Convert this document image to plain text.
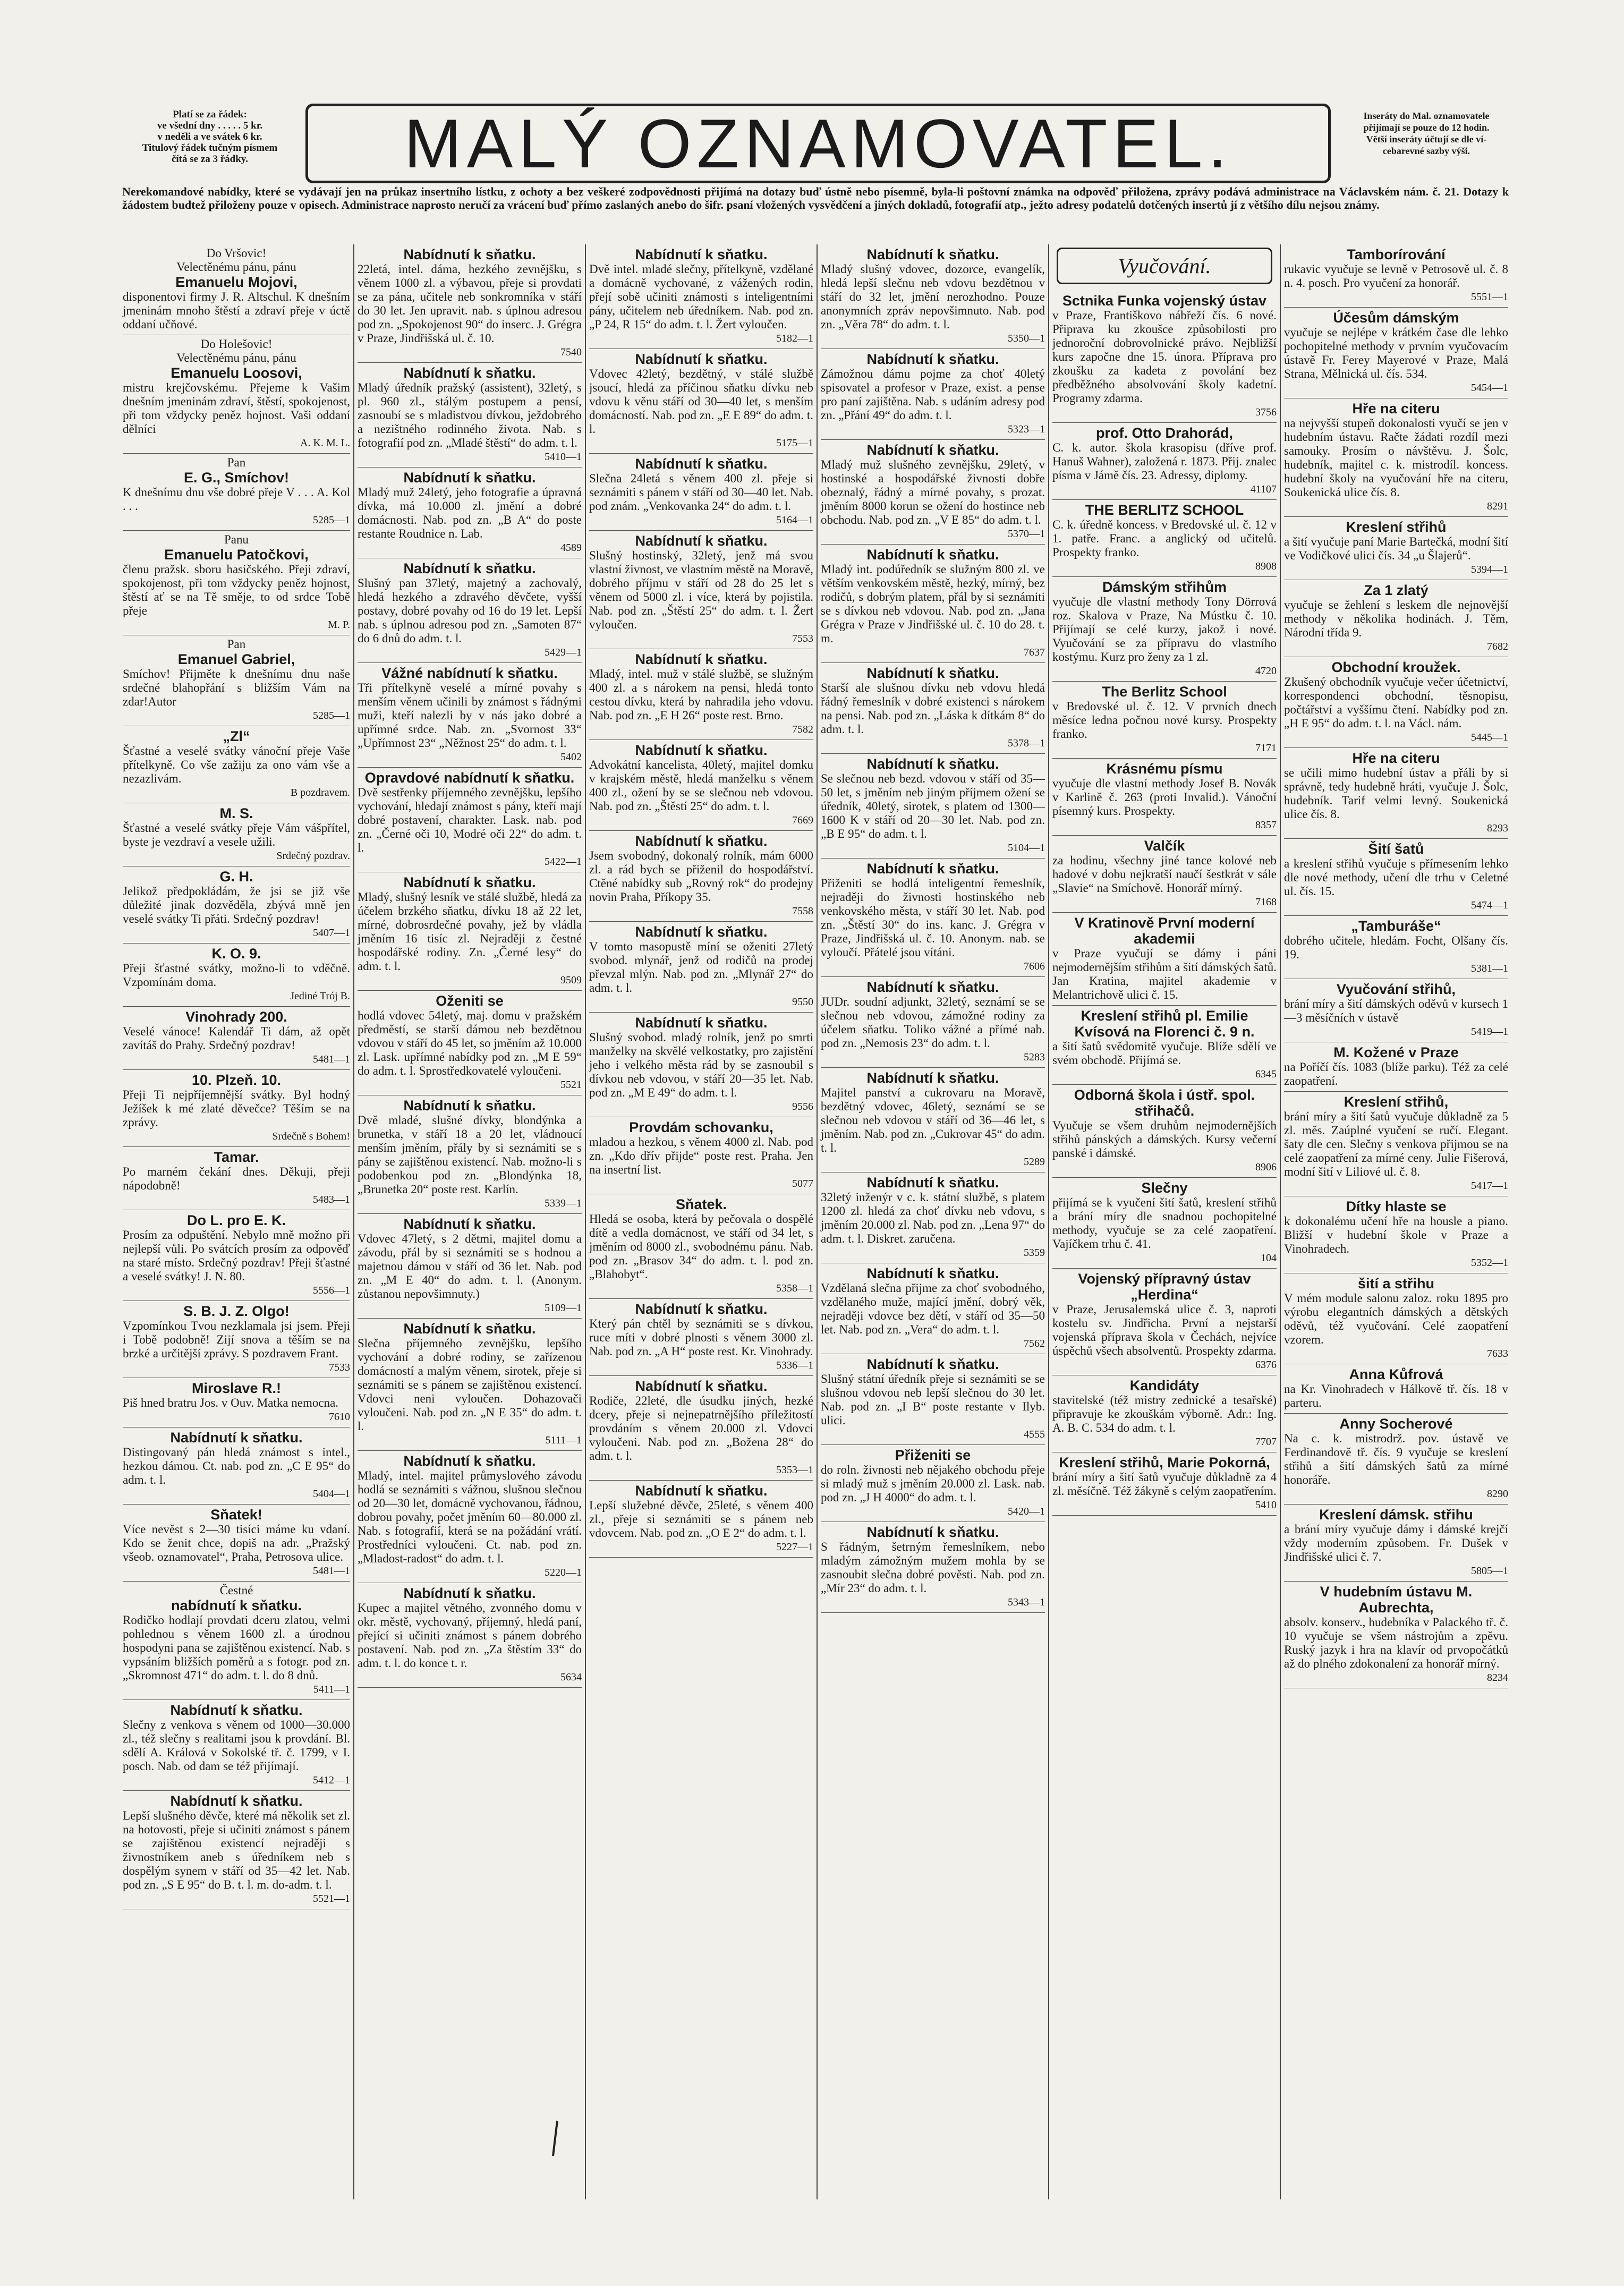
Platí se za řádek:
ve všední dny . . . . . 5 kr.
v neděli a ve svátek 6 kr.
Titulový řádek tučným písmem
čítá se za 3 řádky.	MALÝ OZNAMOVATEL.	Inseráty do Mal. oznamovatele
přijímají se pouze do 12 hodin.
Větší inseráty účtují se dle ví-
cebarevné sazby výši.
Nerekomandové nabídky, které se vydávají jen na průkaz insertního lístku, z ochoty a bez veškeré zodpovědnosti přijímá na dotazy buď ústně nebo písemně, byla-li poštovní známka na odpověď přiložena, zprávy podává administrace na Václavském nám. č. 21. Dotazy k žádostem budtež přiloženy pouze v opisech. Administrace naprosto neručí za vrácení buď přímo zaslaných anebo do šifr. psaní vložených vysvědčení a jiných dokladů, fotografií atp., ježto adresy podatelů dotčených insertů jí z většího dílu nejsou známy.
Do Vršovic!
Velectěnému pánu, pánu
Emanuelu Mojovi,
disponentovi firmy J. R. Altschul. K dnešním jmeninám mnoho štěstí a zdraví přeje v úctě oddaní učňové.
Do Holešovic!
Velectěnému pánu, pánu
Emanuelu Loosovi,
mistru krejčovskému. Přejeme k Vašim dnešním jmeninám zdraví, štěstí, spokojenost, při tom vždycky peněz hojnost. Vaši oddaní dělníci
A. K. M. L.
Pan
E. G., Smíchov!
K dnešnímu dnu vše dobré přeje V . . . A. Kol . . .
5285—1
Panu
Emanuelu Patočkovi,
členu pražsk. sboru hasičského. Přeji zdraví, spokojenost, při tom vždycky peněz hojnost, štěstí ať se na Tě směje, to od srdce Tobě přeje
M. P.
Pan
Emanuel Gabriel,
Smíchov! Přijměte k dnešnímu dnu naše srdečné blahopřání s bližším Vám na zdar!Autor
5285—1
„Zl“
Šťastné a veselé svátky vánoční přeje Vaše přítelkyně. Co vše zažiju za ono vám vše a nezazlivám.
B pozdravem.
M. S.
Šťastné a veselé svátky přeje Vám vášpřítel, byste je vezdraví a vesele užili.
Srdečný pozdrav.
G. H.
Jelikož předpokládám, že jsi se již vše důležité jinak dozvěděla, zbývá mně jen veselé svátky Ti přáti. Srdečný pozdrav!
5407—1
K. O. 9.
Přeji šťastné svátky, možno-li to vděčně. Vzpomínám doma.
Jediné Trój B.
Vinohrady 200.
Veselé vánoce! Kalendář Ti dám, až opět zavítáš do Prahy. Srdečný pozdrav!
5481—1
10. Plzeň. 10.
Přeji Ti nejpříjemnější svátky. Byl hodný Ježíšek k mé zlaté děvečce? Těším se na zprávy.
Srdečně s Bohem!
Tamar.
Po marném čekání dnes. Děkuji, přeji nápodobně!
5483—1
Do L. pro E. K.
Prosím za odpuštění. Nebylo mně možno při nejlepší vůli. Po svátcích prosím za odpověď na staré místo. Srdečný pozdrav! Přeji šťastné a veselé svátky! J. N. 80.
5556—1
S. B. J. Z. Olgo!
Vzpomínkou Tvou nezklamala jsi jsem. Přeji i Tobě podobně! Zijí snova a těším se na brzké a určitější zprávy. S pozdravem Frant.
7533
Miroslave R.!
Piš hned bratru Jos. v Ouv. Matka nemocna.
7610
Nabídnutí k sňatku.
Distingovaný pán hledá známost s intel., hezkou dámou. Ct. nab. pod zn. „C E 95“ do adm. t. l.
5404—1
Sňatek!
Více nevěst s 2—30 tisíci máme ku vdaní. Kdo se ženit chce, dopiš na adr. „Pražský všeob. oznamovatel“, Praha, Petrosova ulice.
5481—1
Čestné
nabídnutí k sňatku.
Rodičko hodlají provdati dceru zlatou, velmi pohlednou s věnem 1600 zl. a úrodnou hospodyni pana se zajištěnou existencí. Nab. s vypsáním bližších poměrů a s fotogr. pod zn. „Skromnost 471“ do adm. t. l. do 8 dnů.
5411—1
Nabídnutí k sňatku.
Slečny z venkova s věnem od 1000—30.000 zl., též slečny s realitami jsou k provdání. Bl. sdělí A. Králová v Sokolské tř. č. 1799, v I. posch. Nab. od dam se též přijímají.
5412—1
Nabídnutí k sňatku.
Lepší slušného děvče, které má několik set zl. na hotovosti, přeje si učiniti známost s pánem se zajištěnou existencí nejraději s živnostníkem aneb s úředníkem neb s dospělým synem v stáří od 35—42 let. Nab. pod zn. „S E 95“ do B. t. l. m. do-adm. t. l.
5521—1
Nabídnutí k sňatku.
22letá, intel. dáma, hezkého zevnějšku, s věnem 1000 zl. a výbavou, přeje si provdati se za pána, učitele neb sonkromníka v stáří do 30 let. Jen upravit. nab. s úplnou adresou pod zn. „Spokojenost 90“ do inserc. J. Grégra v Praze, Jindřišská ul. č. 10.
7540
Nabídnutí k sňatku.
Mladý úředník pražský (assistent), 32letý, s pl. 960 zl., stálým postupem a pensí, zasnoubí se s mladistvou dívkou, ježdobrého a nezištného rodinného života. Nab. s fotografií pod zn. „Mladé štěstí“ do adm. t. l.
5410—1
Nabídnutí k sňatku.
Mladý muž 24letý, jeho fotografie a úpravná dívka, má 10.000 zl. jmění a dobré domácnosti. Nab. pod zn. „B A“ do poste restante Roudnice n. Lab.
4589
Nabídnutí k sňatku.
Slušný pan 37letý, majetný a zachovalý, hledá hezkého a zdravého děvčete, vyšší postavy, dobré povahy od 16 do 19 let. Lepší nab. s úplnou adresou pod zn. „Samoten 87“ do 6 dnů do adm. t. l.
5429—1
Vážné nabídnutí k sňatku.
Tři přítelkyně veselé a mírné povahy s menším věnem učinili by známost s řádnými muži, kteří nalezli by v nás jako dobré a upřímné srdce. Nab. zn. „Svornost 33“ „Upřímnost 23“ „Něžnost 25“ do adm. t. l.
5402
Opravdové nabídnutí k sňatku.
Dvě sestřenky příjemného zevnějšku, lepšího vychování, hledají známost s pány, kteří mají dobré postavení, charakter. Lask. nab. pod zn. „Černé oči 10, Modré oči 22“ do adm. t. l.
5422—1
Nabídnutí k sňatku.
Mladý, slušný lesník ve stálé službě, hledá za účelem brzkého sňatku, dívku 18 až 22 let, mírné, dobrosrdečné povahy, jež by vládla jměním 16 tisíc zl. Nejraději z čestné hospodářské rodiny. Zn. „Černé lesy“ do adm. t. l.
9509
Oženiti se
hodlá vdovec 54letý, maj. domu v pražském předměstí, se starší dámou neb bezdětnou vdovou v stáří do 45 let, so jměním až 10.000 zl. Lask. upřímné nabídky pod zn. „M E 59“ do adm. t. l. Sprostředkovatelé vyloučeni.
5521
Nabídnutí k sňatku.
Dvě mladé, slušné dívky, blondýnka a brunetka, v stáří 18 a 20 let, vládnoucí menším jměním, přály by si seznámiti se s pány se zajištěnou existencí. Nab. možno-li s podobenkou pod zn. „Blondýnka 18, „Brunetka 20“ poste rest. Karlín.
5339—1
Nabídnutí k sňatku.
Vdovec 47letý, s 2 dětmi, majitel domu a závodu, přál by si seznámiti se s hodnou a majetnou dámou v stáří od 36 let. Nab. pod zn. „M E 40“ do adm. t. l. (Anonym. zůstanou nepovšimnuty.)
5109—1
Nabídnutí k sňatku.
Slečna příjemného zevnějšku, lepšího vychování a dobré rodiny, se zařízenou domácností a malým věnem, sirotek, přeje si seznámiti se s pánem se zajištěnou existencí. Vdovci neni vyloučen. Dohazovači vyloučeni. Nab. pod zn. „N E 35“ do adm. t. l.
5111—1
Nabídnutí k sňatku.
Mladý, intel. majitel průmyslového závodu hodlá se seznámiti s vážnou, slušnou slečnou od 20—30 let, domácně vychovanou, řádnou, dobrou povahy, počet jměním 60—80.000 zl. Nab. s fotografií, která se na požádání vrátí. Prostředníci vyloučeni. Ct. nab. pod zn. „Mladost-radost“ do adm. t. l.
5220—1
Nabídnutí k sňatku.
Kupec a majitel větného, zvonného domu v okr. městě, vychovaný, příjemný, hledá paní, přející si učiniti známost s pánem dobrého postavení. Nab. pod zn. „Za štěstím 33“ do adm. t. l. do konce t. r.
5634
Nabídnutí k sňatku.
Dvě intel. mladé slečny, přítelkyně, vzdělané a domácně vychované, z vážených rodin, přejí sobě učiniti známosti s inteligentními pány, učitelem neb úředníkem. Nab. pod zn. „P 24, R 15“ do adm. t. l. Žert vyloučen.
5182—1
Nabídnutí k sňatku.
Vdovec 42letý, bezdětný, v stálé službě jsoucí, hledá za příčinou sňatku dívku neb vdovu k věnu stáří od 30—40 let, s menším domácností. Nab. pod zn. „E E 89“ do adm. t. l.
5175—1
Nabídnutí k sňatku.
Slečna 24letá s věnem 400 zl. přeje si seznámiti s pánem v stáří od 30—40 let. Nab. pod znám. „Venkovanka 24“ do adm. t. l.
5164—1
Nabídnutí k sňatku.
Slušný hostinský, 32letý, jenž má svou vlastní živnost, ve vlastním městě na Moravě, dobrého příjmu v stáří od 28 do 25 let s věnem od 5000 zl. i více, která by pojistila. Nab. pod zn. „Štěstí 25“ do adm. t. l. Žert vyloučen.
7553
Nabídnutí k sňatku.
Mladý, intel. muž v stálé službě, se služným 400 zl. a s nárokem na pensi, hledá tonto cestou dívku, která by nahradila jeho vdovu. Nab. pod zn. „E H 26“ poste rest. Brno.
7582
Nabídnutí k sňatku.
Advokátní kancelista, 40letý, majitel domku v krajském městě, hledá manželku s věnem 400 zl., ožení by se se slečnou neb vdovou. Nab. pod zn. „Štěstí 25“ do adm. t. l.
7669
Nabídnutí k sňatku.
Jsem svobodný, dokonalý rolník, mám 6000 zl. a rád bych se přiženil do hospodářství. Ctěné nabídky sub „Rovný rok“ do prodejny novin Praha, Příkopy 35.
7558
Nabídnutí k sňatku.
V tomto masopustě míní se oženiti 27letý svobod. mlynář, jenž od rodičů na prodej převzal mlýn. Nab. pod zn. „Mlynář 27“ do adm. t. l.
9550
Nabídnutí k sňatku.
Slušný svobod. mladý rolník, jenž po smrti manželky na skvělé velkostatky, pro zajistění jeho i velkého města rád by se zasnoubil s dívkou neb vdovou, v stáří 20—35 let. Nab. pod zn. „M E 49“ do adm. t. l.
9556
Provdám schovanku,
mladou a hezkou, s věnem 4000 zl. Nab. pod zn. „Kdo dřív přijde“ poste rest. Praha. Jen na insertní list.
5077
Sňatek.
Hledá se osoba, která by pečovala o dospělé dítě a vedla domácnost, ve stáří od 34 let, s jměním od 8000 zl., svobodnému pánu. Nab. pod zn. „Brasov 34“ do adm. t. l. pod zn. „Blahobyt“.
5358—1
Nabídnutí k sňatku.
Který pán chtěl by seznámiti se s dívkou, ruce míti v dobré plnosti s věnem 3000 zl. Nab. pod zn. „A H“ poste rest. Kr. Vinohrady.
5336—1
Nabídnutí k sňatku.
Rodiče, 22leté, dle úsudku jiných, hezké dcery, přeje si nejnepatrnějšího příležitostí provdáním s věnem 20.000 zl. Vdovci vyloučeni. Nab. pod zn. „Božena 28“ do adm. t. l.
5353—1
Nabídnutí k sňatku.
Lepší služebné děvče, 25leté, s věnem 400 zl., přeje si seznámiti se s pánem neb vdovcem. Nab. pod zn. „O E 2“ do adm. t. l.
5227—1
Nabídnutí k sňatku.
Mladý slušný vdovec, dozorce, evangelík, hledá lepší slečnu neb vdovu bezdětnou v stáří do 32 let, jmění nerozhodno. Pouze anonymních zpráv nepovšimnuto. Nab. pod zn. „Věra 78“ do adm. t. l.
5350—1
Nabídnutí k sňatku.
Zámožnou dámu pojme za choť 40letý spisovatel a profesor v Praze, exist. a pense pro paní zajištěna. Nab. s udáním adresy pod zn. „Přání 49“ do adm. t. l.
5323—1
Nabídnutí k sňatku.
Mladý muž slušného zevnějšku, 29letý, v hostinské a hospodářské živnosti dobře obeznalý, řádný a mírné povahy, s prozat. jměním 8000 korun se ožení do hostince neb obchodu. Nab. pod zn. „V E 85“ do adm. t. l.
5370—1
Nabídnutí k sňatku.
Mladý int. podúředník se služným 800 zl. ve větším venkovském městě, hezký, mírný, bez rodičů, s dobrým platem, přál by si seznámiti se s dívkou neb vdovou. Nab. pod zn. „Jana Grégra v Praze v Jindřišské ul. č. 10 do 28. t. m.
7637
Nabídnutí k sňatku.
Starší ale slušnou dívku neb vdovu hledá řádný řemeslník v dobré existenci s nárokem na pensi. Nab. pod zn. „Láska k dítkám 8“ do adm. t. l.
5378—1
Nabídnutí k sňatku.
Se slečnou neb bezd. vdovou v stáří od 35—50 let, s jměním neb jiným příjmem ožení se úředník, 40letý, sirotek, s platem od 1300—1600 K v stáří od 20—30 let. Nab. pod zn. „B E 95“ do adm. t. l.
5104—1
Nabídnutí k sňatku.
Přiženiti se hodlá inteligentní řemeslník, nejraději do živnosti hostinského neb venkovského města, v stáří 30 let. Nab. pod zn. „Štěstí 30“ do ins. kanc. J. Grégra v Praze, Jindřišská ul. č. 10. Anonym. nab. se vyloučí. Přátelé jsou vítáni.
7606
Nabídnutí k sňatku.
JUDr. soudní adjunkt, 32letý, seznámí se se slečnou neb vdovou, zámožné rodiny za účelem sňatku. Toliko vážné a přímé nab. pod zn. „Nemosis 23“ do adm. t. l.
5283
Nabídnutí k sňatku.
Majitel panství a cukrovaru na Moravě, bezdětný vdovec, 46letý, seznámí se se slečnou neb vdovou v stáří od 36—46 let, s jměním. Nab. pod zn. „Cukrovar 45“ do adm. t. l.
5289
Nabídnutí k sňatku.
32letý inženýr v c. k. státní službě, s platem 1200 zl. hledá za choť dívku neb vdovu, s jměním 20.000 zl. Nab. pod zn. „Lena 97“ do adm. t. l. Diskret. zaručena.
5359
Nabídnutí k sňatku.
Vzdělaná slečna přijme za choť svobodného, vzdělaného muže, mající jmění, dobrý věk, nejraději vdovce bez dětí, v stáří od 35—50 let. Nab. pod zn. „Vera“ do adm. t. l.
7562
Nabídnutí k sňatku.
Slušný státní úředník přeje si seznámiti se se slušnou vdovou neb lepší slečnou do 30 let. Nab. pod zn. „I B“ poste restante v Ilyb. ulici.
4555
Přiženiti se
do roln. živnosti neb nějakého obchodu přeje si mladý muž s jměním 20.000 zl. Lask. nab. pod zn. „J H 4000“ do adm. t. l.
5420—1
Nabídnutí k sňatku.
S řádným, šetrným řemeslníkem, nebo mladým zámožným mužem mohla by se zasnoubit slečna dobré pověsti. Nab. pod zn. „Mír 23“ do adm. t. l.
5343—1
Vyučování.
Sctnika Funka vojenský ústav
v Praze, Františkovo nábřeží čís. 6 nové. Připrava ku zkoušce způsobilosti pro jednoroční dobrovolnické právo. Nejbližší kurs započne dne 15. února. Příprava pro zkoušku za kadeta z povolání bez předběžného absolvování školy kadetní. Programy zdarma.
3756
prof. Otto Drahorád,
C. k. autor. škola krasopisu (dříve prof. Hanuš Wahner), založená r. 1873. Přij. znalec písma v Jámě čís. 23. Adressy, diplomy.
41107
THE BERLITZ SCHOOL
C. k. úředně koncess. v Bredovské ul. č. 12 v 1. patře. Franc. a anglický od učitelů. Prospekty franko.
8908
Dámským střihům
vyučuje dle vlastní methody Tony Dörrová roz. Skalova v Praze, Na Mústku č. 10. Přijímají se celé kurzy, jakož i nové. Vyučování se za přípravu do vlastního kostýmu. Kurz pro ženy za 1 zl.
4720
The Berlitz School
v Bredovské ul. č. 12. V prvních dnech měsíce ledna počnou nové kursy. Prospekty franko.
7171
Krásnému písmu
vyučuje dle vlastní methody Josef B. Novák v Karlině č. 263 (proti Invalid.). Vánoční písemný kurs. Prospekty.
8357
Valčík
za hodinu, všechny jiné tance kolové neb hadové v dobu nejkratší naučí šestkrát v sále „Slavie“ na Smíchově. Honorář mírný.
7168
V Kratinově První moderní akademii
v Praze vyučují se dámy i páni nejmodernějším střihům a šití dámských šatů. Jan Kratina, majitel akademie v Melantrichově ulici č. 15.
Kreslení střihů pl. Emilie Kvísová na Florenci č. 9 n.
a šití šatů svědomitě vyučuje. Blíže sdělí ve svém obchodě. Přijímá se.
6345
Odborná škola i ústř. spol. střihačů.
Vyučuje se všem druhům nejmodernějších střihů pánských a dámských. Kursy večerní panské i dámské.
8906
Slečny
přijímá se k vyučení šití šatů, kreslení střihů a brání míry dle snadnou pochopitelné methody, vyučuje se za celé zaopatření. Vajíčkem trhu č. 41.
104
Vojenský přípravný ústav „Herdina“
v Praze, Jerusalemská ulice č. 3, naproti kostelu sv. Jindřicha. První a nejstarší vojenská příprava škola v Čechách, nejvíce úspěchů všech absolventů. Prospekty zdarma.
6376
Kandidáty
stavitelské (též mistry zednické a tesařské) připravuje ke zkouškám výborně. Adr.: Ing. A. B. C. 534 do adm. t. l.
7707
Kreslení střihů, Marie Pokorná,
brání míry a šití šatů vyučuje důkladně za 4 zl. měsíčně. Též žákyně s celým zaopatřením.
5410
Tamborírování
rukavic vyučuje se levně v Petrosově ul. č. 8 n. 4. posch. Pro vyučení za honorář.
5551—1
Účesům dámským
vyučuje se nejlépe v krátkém čase dle lehko pochopitelné methody v prvním vyučovacím ústavě Fr. Ferey Mayerové v Praze, Malá Strana, Mělnická ul. čís. 534.
5454—1
Hře na citeru
na nejvyšší stupeň dokonalosti vyučí se jen v hudebním ústavu. Račte žádati rozdíl mezi samouky. Prosím o návštěvu. J. Šolc, hudebník, majitel c. k. mistrodíl. koncess. hudební školy na vyučování hře na citeru, Soukenická ulice čís. 8.
8291
Kreslení střihů
a šití vyučuje paní Marie Bartečká, modní šití ve Vodičkové ulici čís. 34 „u Šlajerů“.
5394—1
Za 1 zlatý
vyučuje se žehlení s leskem dle nejnovější methody v několika hodinách. J. Těm, Národní třída 9.
7682
Obchodní kroužek.
Zkušený obchodník vyučuje večer účetnictví, korrespondenci obchodní, těsnopisu, počtářství a vyššímu čtení. Nabídky pod zn. „H E 95“ do adm. t. l. na Václ. nám.
5445—1
Hře na citeru
se učili mimo hudební ústav a přáli by si správně, tedy hudebně hráti, vyučuje J. Šolc, hudebník. Tarif velmi levný. Soukenická ulice čís. 8.
8293
Šití šatů
a kreslení střihů vyučuje s přímesením lehko dle nové methody, učení dle trhu v Celetné ul. čís. 15.
5474—1
„Tamburáše“
dobrého učitele, hledám. Focht, Olšany čís. 19.
5381—1
Vyučování střihů,
brání míry a šití dámských oděvů v kursech 1—3 měsíčních v ústavě
5419—1
M. Kožené v Praze
na Poříčí čís. 1083 (blíže parku). Též za celé zaopatření.
Kreslení střihů,
brání míry a šití šatů vyučuje důkladně za 5 zl. měs. Zaúplné vyučení se ručí. Elegant. šaty dle cen. Slečny s venkova přijmou se na celé zaopatření za mírné ceny. Julie Fišerová, modní šití v Liliové ul. č. 8.
5417—1
Dítky hlaste se
k dokonalému učení hře na housle a piano. Bližší v hudební škole v Praze a Vinohradech.
5352—1
šití a střihu
V mém module salonu zaloz. roku 1895 pro výrobu elegantních dámských a dětských oděvů, též vyučování. Celé zaopatření vzorem.
7633
Anna Kůfrová
na Kr. Vinohradech v Hálkově tř. čís. 18 v parteru.
Anny Socherové
Na c. k. mistrodrž. pov. ústavě ve Ferdinandově tř. čís. 9 vyučuje se kreslení střihů a šití dámských šatů za mírné honoráře.
8290
Kreslení dámsk. střihu
a brání míry vyučuje dámy i dámské krejčí vždy moderním způsobem. Fr. Dušek v Jindřišské ulici č. 7.
5805—1
V hudebním ústavu M. Aubrechta,
absolv. konserv., hudebníka v Palackého tř. č. 10 vyučuje se všem nástrojům a zpěvu. Ruský jazyk i hra na klavír od prvopočátků až do plného zdokonalení za honorář mírný.
8234
